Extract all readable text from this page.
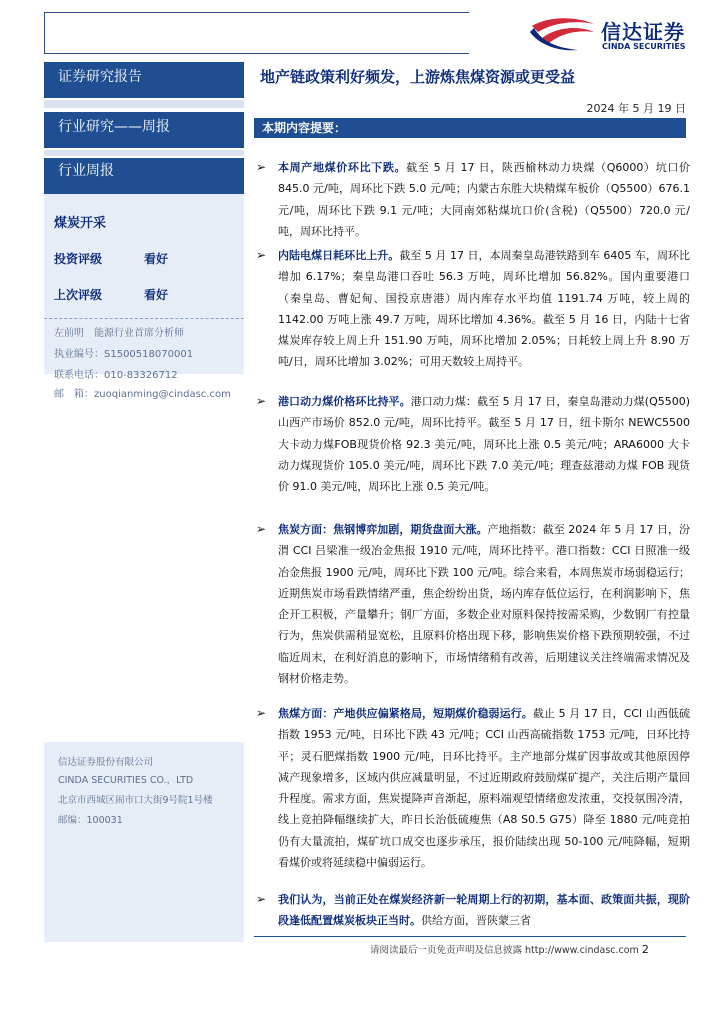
信达证券
CINDA SECURITIES
证券研究报告
行业研究——周报
行业周报
煤炭开采
投资评级	看好
上次评级	看好
左前明　能源行业首席分析师
执业编号：S1500518070001
联系电话：010-83326712
邮　箱：zuoqianming@cindasc.com
信达证券股份有限公司
CINDA SECURITIES CO.，LTD
北京市西城区闹市口大街9号院1号楼
邮编：100031
地产链政策利好频发，上游炼焦煤资源或更受益
2024 年 5 月 19 日
本期内容提要：
➢ 本周产地煤价环比下跌。截至 5 月 17 日，陕西榆林动力块煤（Q6000）坑口价 845.0 元/吨，周环比下跌 5.0 元/吨；内蒙古东胜大块精煤车板价（Q5500）676.1 元/吨，周环比下跌 9.1 元/吨；大同南郊粘煤坑口价(含税)（Q5500）720.0 元/吨，周环比持平。
➢ 内陆电煤日耗环比上升。截至 5 月 17 日，本周秦皇岛港铁路到车 6405 车，周环比增加 6.17%；秦皇岛港口吞吐 56.3 万吨，周环比增加 56.82%。国内重要港口（秦皇岛、曹妃甸、国投京唐港）周内库存水平均值 1191.74 万吨，较上周的 1142.00 万吨上涨 49.7 万吨，周环比增加 4.36%。截至 5 月 16 日，内陆十七省煤炭库存较上周上升 151.90 万吨，周环比增加 2.05%；日耗较上周上升 8.90 万吨/日，周环比增加 3.02%；可用天数较上周持平。
➢ 港口动力煤价格环比持平。港口动力煤：截至 5 月 17 日，秦皇岛港动力煤(Q5500)山西产市场价 852.0 元/吨，周环比持平。截至 5 月 17 日，纽卡斯尔 NEWC5500 大卡动力煤FOB现货价格 92.3 美元/吨，周环比上涨 0.5 美元/吨；ARA6000 大卡动力煤现货价 105.0 美元/吨，周环比下跌 7.0 美元/吨；理查兹港动力煤 FOB 现货价 91.0 美元/吨，周环比上涨 0.5 美元/吨。
➢ 焦炭方面：焦钢博弈加剧，期货盘面大涨。产地指数：截至 2024 年 5 月 17 日，汾渭 CCI 吕梁准一级冶金焦报 1910 元/吨，周环比持平。港口指数：CCI 日照准一级冶金焦报 1900 元/吨，周环比下跌 100 元/吨。综合来看，本周焦炭市场弱稳运行；近期焦炭市场看跌情绪严重，焦企纷纷出货，场内库存低位运行，在利润影响下，焦企开工积极，产量攀升；钢厂方面，多数企业对原料保持按需采购，少数钢厂有控量行为，焦炭供需稍显宽松，且原料价格出现下移，影响焦炭价格下跌预期较强，不过临近周末，在利好消息的影响下，市场情绪稍有改善，后期建议关注终端需求情况及钢材价格走势。
➢ 焦煤方面：产地供应偏紧格局，短期煤价稳弱运行。截止 5 月 17 日，CCI 山西低硫指数 1953 元/吨，日环比下跌 43 元/吨；CCI 山西高硫指数 1753 元/吨，日环比持平；灵石肥煤指数 1900 元/吨，日环比持平。主产地部分煤矿因事故或其他原因停减产现象增多，区域内供应减量明显，不过近期政府鼓励煤矿提产，关注后期产量回升程度。需求方面，焦炭提降声音渐起，原料端观望情绪愈发浓重，交投氛围冷清，线上竞拍降幅继续扩大，昨日长治低硫瘦焦（A8 S0.5 G75）降至 1880 元/吨竞拍仍有大量流拍，煤矿坑口成交也逐步承压，报价陆续出现 50-100 元/吨降幅，短期看煤价或将延续稳中偏弱运行。
➢ 我们认为，当前正处在煤炭经济新一轮周期上行的初期，基本面、政策面共振，现阶段逢低配置煤炭板块正当时。供给方面，晋陕蒙三省
请阅读最后一页免责声明及信息披露 http://www.cindasc.com 2
